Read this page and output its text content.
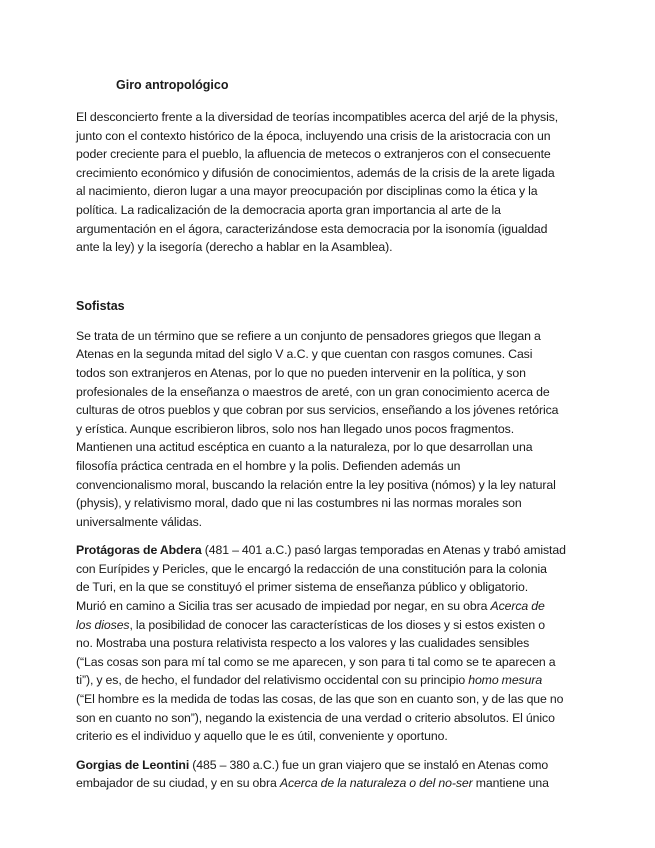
Giro antropológico
El desconcierto frente a la diversidad de teorías incompatibles acerca del arjé de la physis,
junto con el contexto histórico de la época, incluyendo una crisis de la aristocracia con un
poder creciente para el pueblo, la afluencia de metecos o extranjeros con el consecuente
crecimiento económico y difusión de conocimientos, además de la crisis de la arete ligada
al nacimiento, dieron lugar a una mayor preocupación por disciplinas como la ética y la
política. La radicalización de la democracia aporta gran importancia al arte de la
argumentación en el ágora, caracterizándose esta democracia por la isonomía (igualdad
ante la ley) y la isegoría (derecho a hablar en la Asamblea).
Sofistas
Se trata de un término que se refiere a un conjunto de pensadores griegos que llegan a
Atenas en la segunda mitad del siglo V a.C. y que cuentan con rasgos comunes. Casi
todos son extranjeros en Atenas, por lo que no pueden intervenir en la política, y son
profesionales de la enseñanza o maestros de areté, con un gran conocimiento acerca de
culturas de otros pueblos y que cobran por sus servicios, enseñando a los jóvenes retórica
y erística. Aunque escribieron libros, solo nos han llegado unos pocos fragmentos.
Mantienen una actitud escéptica en cuanto a la naturaleza, por lo que desarrollan una
filosofía práctica centrada en el hombre y la polis. Defienden además un
convencionalismo moral, buscando la relación entre la ley positiva (nómos) y la ley natural
(physis), y relativismo moral, dado que ni las costumbres ni las normas morales son
universalmente válidas.
Protágoras de Abdera (481 – 401 a.C.) pasó largas temporadas en Atenas y trabó amistad
con Eurípides y Pericles, que le encargó la redacción de una constitución para la colonia
de Turi, en la que se constituyó el primer sistema de enseñanza público y obligatorio.
Murió en camino a Sicilia tras ser acusado de impiedad por negar, en su obra Acerca de
los dioses, la posibilidad de conocer las características de los dioses y si estos existen o
no. Mostraba una postura relativista respecto a los valores y las cualidades sensibles
(“Las cosas son para mí tal como se me aparecen, y son para ti tal como se te aparecen a
ti”), y es, de hecho, el fundador del relativismo occidental con su principio homo mesura
(“El hombre es la medida de todas las cosas, de las que son en cuanto son, y de las que no
son en cuanto no son”), negando la existencia de una verdad o criterio absolutos. El único
criterio es el individuo y aquello que le es útil, conveniente y oportuno.
Gorgias de Leontini (485 – 380 a.C.) fue un gran viajero que se instaló en Atenas como
embajador de su ciudad, y en su obra Acerca de la naturaleza o del no-ser mantiene una
